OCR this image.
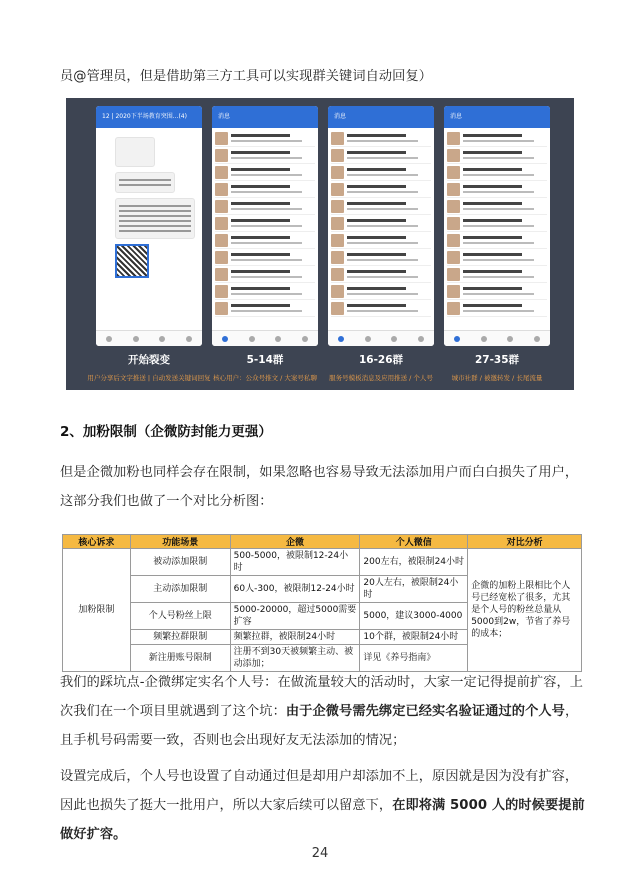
员@管理员，但是借助第三方工具可以实现群关键词自动回复）
12 | 2020下半场教育突围...(4)	消息	消息	消息
开始裂变	5-14群	16-26群	27-35群
用户分享后文字推送 | 自动发送关键词回复 核心用户：公众号推文 / 大案号私聊	服务号模板消息及应用推送 / 个人号	城市社群 / 被邀转发 / 长尾流量
2、加粉限制（企微防封能力更强）
但是企微加粉也同样会存在限制，如果忽略也容易导致无法添加用户而白白损失了用户，这部分我们也做了一个对比分析图：
核心诉求	功能场景	企微	个人微信	对比分析
加粉限制	被动添加限制	500-5000，被限制12-24小时	200左右，被限制24小时	企微的加粉上限相比个人号已经宽松了很多，尤其是个人号的粉丝总量从5000到2w，节省了养号的成本；
	主动添加限制	60人-300，被限制12-24小时	20人左右，被限制24小时	
	个人号粉丝上限	5000-20000，超过5000需要扩容	5000，建议3000-4000	
	频繁拉群限制	频繁拉群，被限制24小时	10个群，被限制24小时	
	新注册账号限制	注册不到30天被频繁主动、被动添加；	详见《养号指南》	
我们的踩坑点-企微绑定实名个人号：在做流量较大的活动时，大家一定记得提前扩容，上次我们在一个项目里就遇到了这个坑：由于企微号需先绑定已经实名验证通过的个人号，且手机号码需要一致，否则也会出现好友无法添加的情况；
设置完成后，个人号也设置了自动通过但是却用户却添加不上，原因就是因为没有扩容，因此也损失了挺大一批用户，所以大家后续可以留意下，在即将满 5000 人的时候要提前做好扩容。
24
